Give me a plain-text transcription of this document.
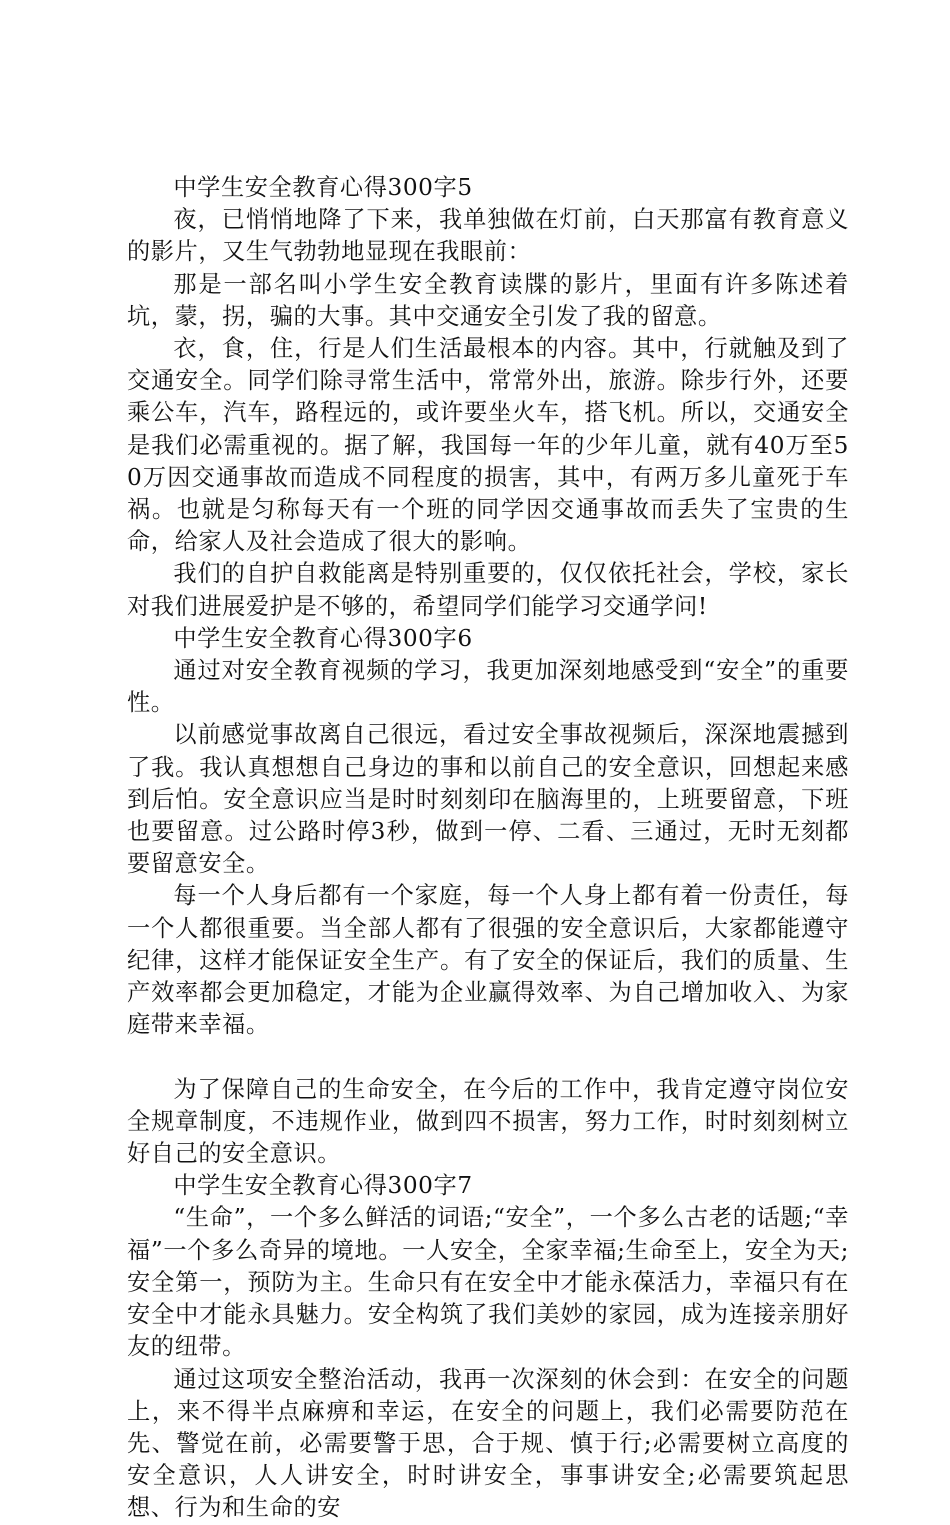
中学生安全教育心得300字5

夜，已悄悄地降了下来，我单独做在灯前，白天那富有教育意义的影片，又生气勃勃地显现在我眼前：

那是一部名叫小学生安全教育读牒的影片，里面有许多陈述着坑，蒙，拐，骗的大事。其中交通安全引发了我的留意。

衣，食，住，行是人们生活最根本的内容。其中，行就触及到了交通安全。同学们除寻常生活中，常常外出，旅游。除步行外，还要乘公车，汽车，路程远的，或许要坐火车，搭飞机。所以，交通安全是我们必需重视的。据了解，我国每一年的少年儿童，就有40万至50万因交通事故而造成不同程度的损害，其中，有两万多儿童死于车祸。也就是匀称每天有一个班的同学因交通事故而丢失了宝贵的生命，给家人及社会造成了很大的影响。

我们的自护自救能离是特别重要的，仅仅依托社会，学校，家长对我们进展爱护是不够的，希望同学们能学习交通学问!

中学生安全教育心得300字6

通过对安全教育视频的学习，我更加深刻地感受到“安全”的重要性。

以前感觉事故离自己很远，看过安全事故视频后，深深地震撼到了我。我认真想想自己身边的事和以前自己的安全意识，回想起来感到后怕。安全意识应当是时时刻刻印在脑海里的，上班要留意，下班也要留意。过公路时停3秒，做到一停、二看、三通过，无时无刻都要留意安全。

每一个人身后都有一个家庭，每一个人身上都有着一份责任，每一个人都很重要。当全部人都有了很强的安全意识后，大家都能遵守纪律，这样才能保证安全生产。有了安全的保证后，我们的质量、生产效率都会更加稳定，才能为企业赢得效率、为自己增加收入、为家庭带来幸福。

为了保障自己的生命安全，在今后的工作中，我肯定遵守岗位安全规章制度，不违规作业，做到四不损害，努力工作，时时刻刻树立好自己的安全意识。

中学生安全教育心得300字7

“生命”，一个多么鲜活的词语;“安全”，一个多么古老的话题;“幸福”一个多么奇异的境地。一人安全，全家幸福;生命至上，安全为天;安全第一，预防为主。生命只有在安全中才能永葆活力，幸福只有在安全中才能永具魅力。安全构筑了我们美妙的家园，成为连接亲朋好友的纽带。

通过这项安全整治活动，我再一次深刻的休会到：在安全的问题上，来不得半点麻痹和幸运，在安全的问题上，我们必需要防范在先、警觉在前，必需要警于思，合于规、慎于行;必需要树立高度的安全意识，人人讲安全，时时讲安全，事事讲安全;必需要筑起思想、行为和生命的安
